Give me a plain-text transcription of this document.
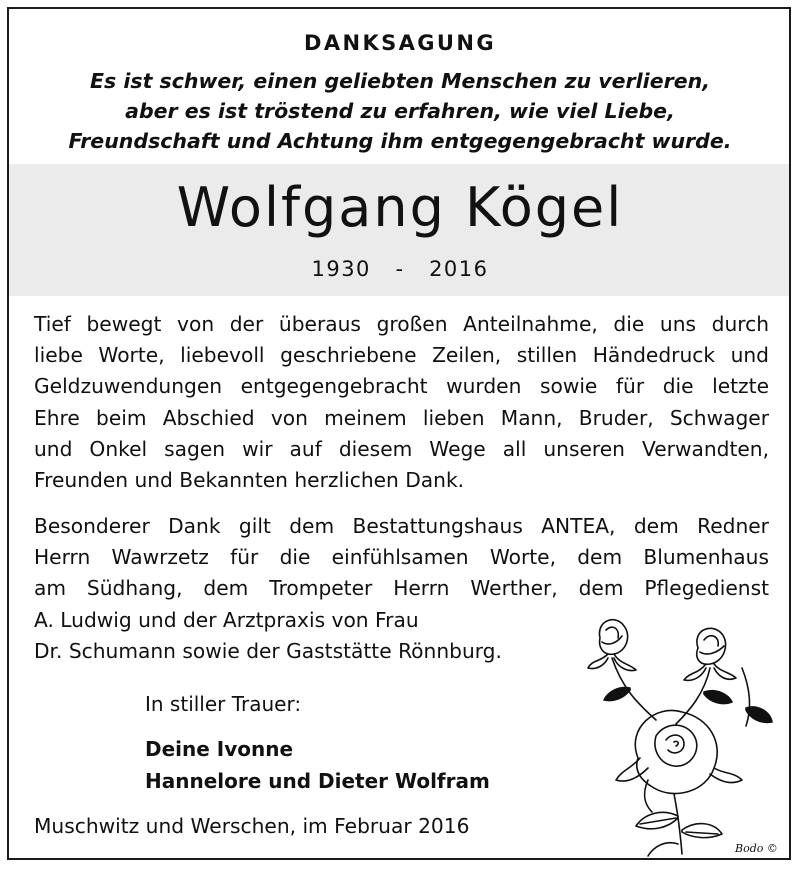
DANKSAGUNG
Es ist schwer, einen geliebten Menschen zu verlieren,
aber es ist tröstend zu erfahren, wie viel Liebe,
Freundschaft und Achtung ihm entgegengebracht wurde.
Wolfgang Kögel
1930 - 2016
Tief bewegt von der überaus großen Anteilnahme, die uns durch
liebe Worte, liebevoll geschriebene Zeilen, stillen Händedruck und
Geldzuwendungen entgegengebracht wurden sowie für die letzte
Ehre beim Abschied von meinem lieben Mann, Bruder, Schwager
und Onkel sagen wir auf diesem Wege all unseren Verwandten,
Freunden und Bekannten herzlichen Dank.
Besonderer Dank gilt dem Bestattungshaus ANTEA, dem Redner
Herrn Wawrzetz für die einfühlsamen Worte, dem Blumenhaus
am Südhang, dem Trompeter Herrn Werther, dem Pflegedienst
A. Ludwig und der Arztpraxis von Frau
Dr. Schumann sowie der Gaststätte Rönnburg.
In stiller Trauer:
Deine Ivonne
Hannelore und Dieter Wolfram
Muschwitz und Werschen, im Februar 2016
Bodo ©
